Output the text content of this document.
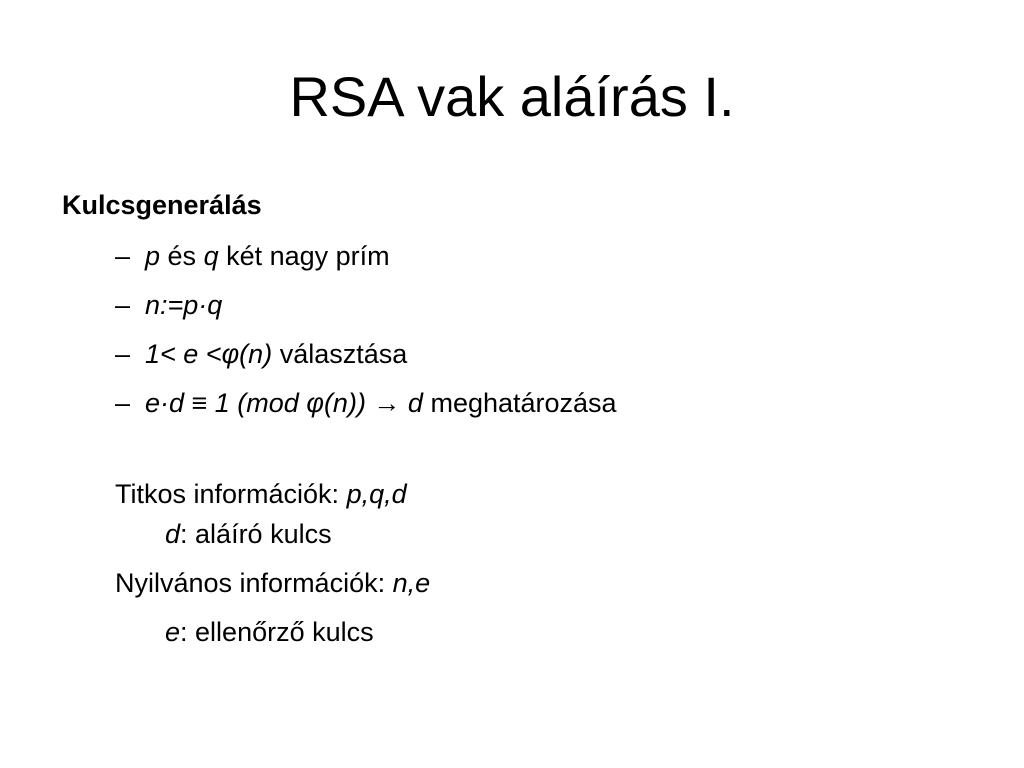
RSA vak aláírás I.
Kulcsgenerálás
– p és q két nagy prím
– n:=p·q
– 1< e <φ(n) választása
– e·d ≡ 1 (mod φ(n)) → d meghatározása
Titkos információk: p,q,d
d: aláíró kulcs
Nyilvános információk: n,e
e: ellenőrző kulcs
